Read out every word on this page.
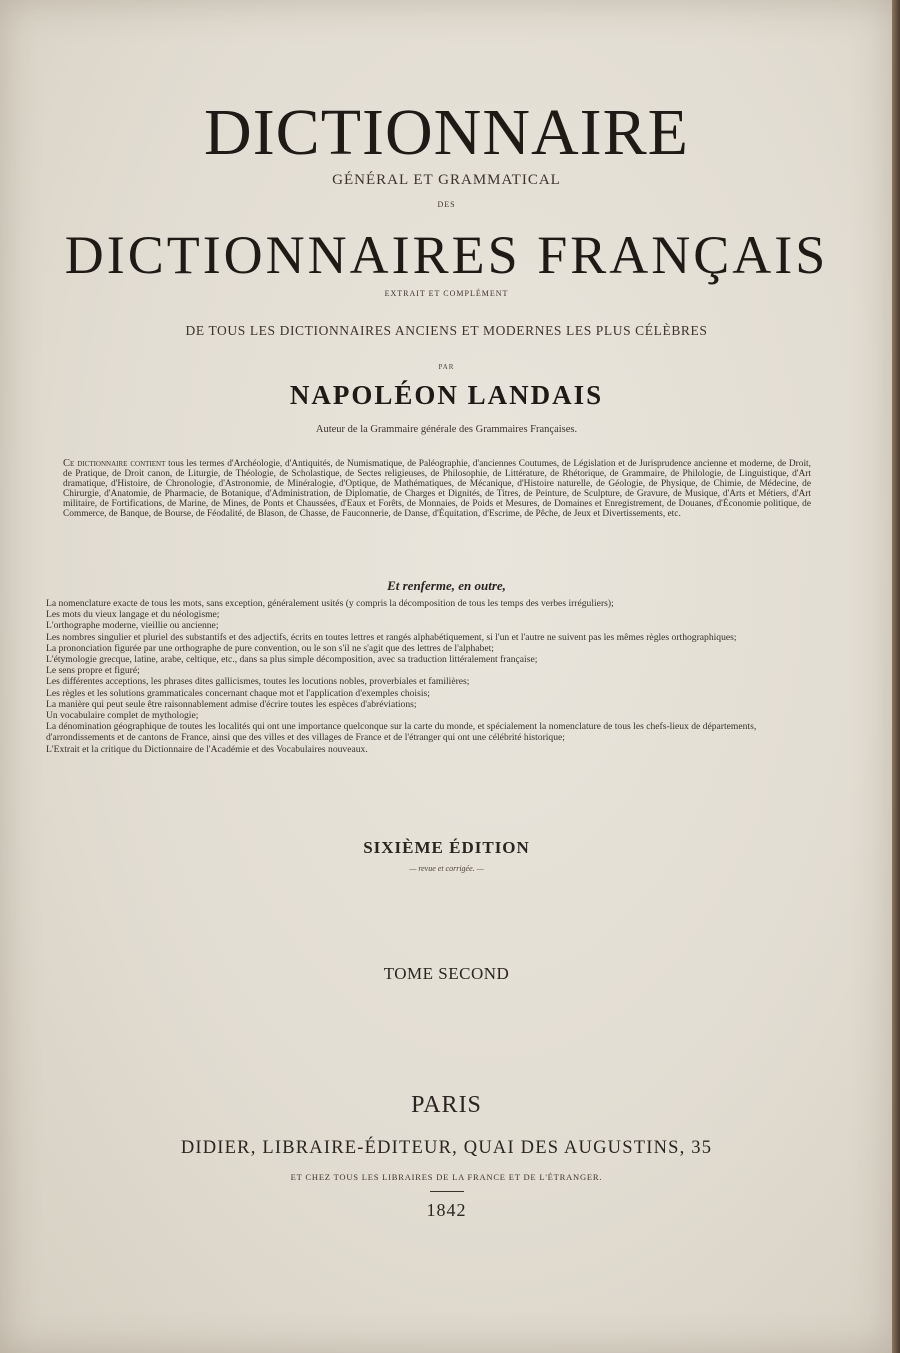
DICTIONNAIRE
GÉNÉRAL ET GRAMMATICAL
DES
DICTIONNAIRES FRANÇAIS
EXTRAIT ET COMPLÉMENT
DE TOUS LES DICTIONNAIRES ANCIENS ET MODERNES LES PLUS CÉLÈBRES
PAR
NAPOLÉON LANDAIS
Auteur de la Grammaire générale des Grammaires Françaises.
Ce dictionnaire contient tous les termes d'Archéologie, d'Antiquités, de Numismatique, de Paléographie, d'anciennes Coutumes, de Législation et de Jurisprudence ancienne et moderne, de Droit, de Pratique, de Droit canon, de Liturgie, de Théologie, de Scholastique, de Sectes religieuses, de Philosophie, de Littérature, de Rhétorique, de Grammaire, de Philologie, de Linguistique, d'Art dramatique, d'Histoire, de Chronologie, d'Astronomie, de Minéralogie, d'Optique, de Mathématiques, de Mécanique, d'Histoire naturelle, de Géologie, de Physique, de Chimie, de Médecine, de Chirurgie, d'Anatomie, de Pharmacie, de Botanique, d'Administration, de Diplomatie, de Charges et Dignités, de Titres, de Peinture, de Sculpture, de Gravure, de Musique, d'Arts et Métiers, d'Art militaire, de Fortifications, de Marine, de Mines, de Ponts et Chaussées, d'Eaux et Forêts, de Monnaies, de Poids et Mesures, de Domaines et Enregistrement, de Douanes, d'Économie politique, de Commerce, de Banque, de Bourse, de Féodalité, de Blason, de Chasse, de Fauconnerie, de Danse, d'Équitation, d'Escrime, de Pêche, de Jeux et Divertissements, etc.
Et renferme, en outre,
La nomenclature exacte de tous les mots, sans exception, généralement usités (y compris la décomposition de tous les temps des verbes irréguliers);
Les mots du vieux langage et du néologisme;
L'orthographe moderne, vieillie ou ancienne;
Les nombres singulier et pluriel des substantifs et des adjectifs, écrits en toutes lettres et rangés alphabétiquement, si l'un et l'autre ne suivent pas les mêmes règles orthographiques;
La prononciation figurée par une orthographe de pure convention, ou le son s'il ne s'agit que des lettres de l'alphabet;
L'étymologie grecque, latine, arabe, celtique, etc., dans sa plus simple décomposition, avec sa traduction littéralement française;
Le sens propre et figuré;
Les différentes acceptions, les phrases dites gallicismes, toutes les locutions nobles, proverbiales et familières;
Les règles et les solutions grammaticales concernant chaque mot et l'application d'exemples choisis;
La manière qui peut seule être raisonnablement admise d'écrire toutes les espèces d'abréviations;
Un vocabulaire complet de mythologie;
La dénomination géographique de toutes les localités qui ont une importance quelconque sur la carte du monde, et spécialement la nomenclature de tous les chefs-lieux de départements, d'arrondissements et de cantons de France, ainsi que des villes et des villages de France et de l'étranger qui ont une célébrité historique;
L'Extrait et la critique du Dictionnaire de l'Académie et des Vocabulaires nouveaux.
SIXIÈME ÉDITION
— revue et corrigée. —
TOME SECOND
PARIS
DIDIER, LIBRAIRE-ÉDITEUR, QUAI DES AUGUSTINS, 35
ET CHEZ TOUS LES LIBRAIRES DE LA FRANCE ET DE L'ÉTRANGER.
1842
